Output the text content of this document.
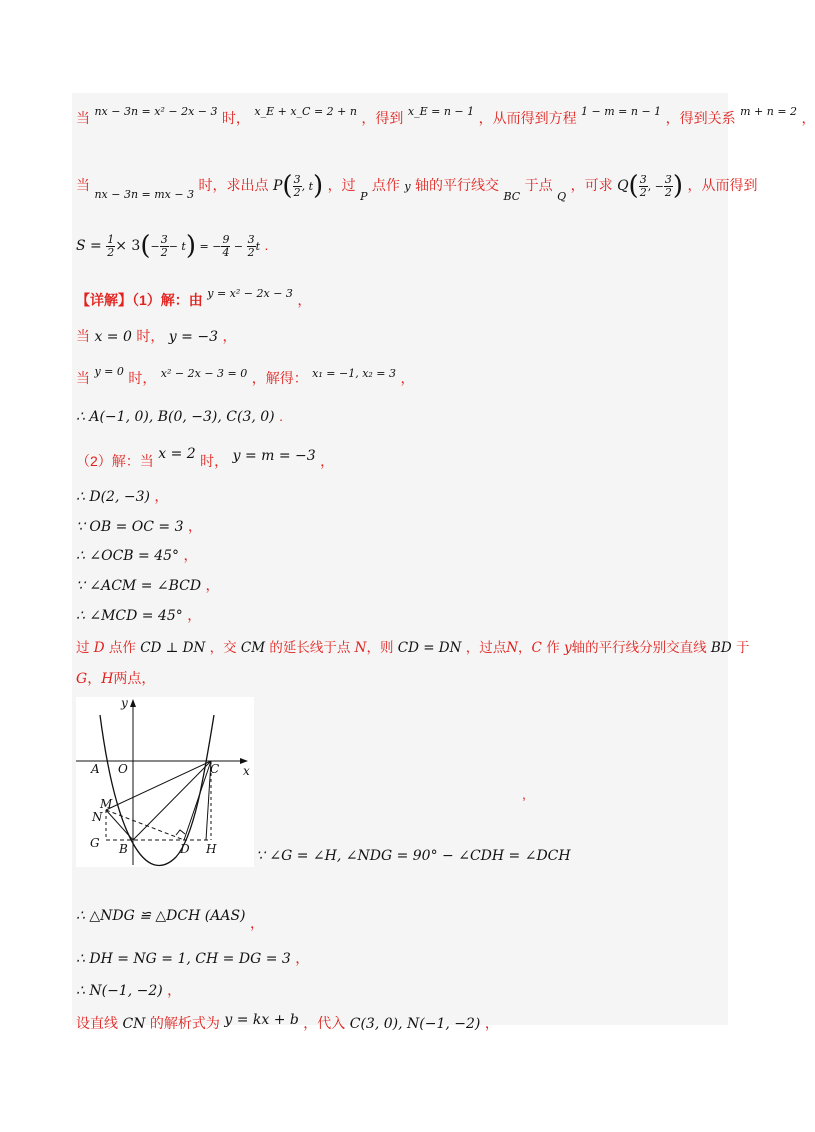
当 $^{nx - 3n = x^2 - 2x - 3}$ 时， $^{x\_E + x\_C = 2 + n}$ ，得到 $^{x\_E = n - 1}$ ，从而得到方程 $^{1 - m = n - 1}$ ，得到关系 $^{m + n = 2}$ ，
当 $_{nx - 3n = mx - 3}$ 时，求出点 $P( \frac{3}{2}$ , t) ，过 $_P$ 点作 y 轴的平行线交 $_{BC}$ 于点 $_Q$ ，可求 $Q( \frac{3}{2}$ , − $\frac{3}{2}$ ) ，从而得到
$S = \frac{1}{2} \times 3(- \frac{3}{2} - t)$ = − $\frac{9}{4} - \frac{3}{2}$ t .
【详解】（1）解：由 $^{y = x^2 - 2x - 3}$ ，
当 x = 0 时， y = −3 ，
当 $^{y = 0}$ 时， $^{x^2 - 2x - 3 = 0}$ ，解得： $^{x_1 = -1, x_2 = 3}$ ，
∴ A(−1, 0), B(0, −3), C(3, 0) .
（2）解：当 x = 2 时， y = m = −3 ，
∴ D(2, −3) ，
∵ OB = OC = 3 ，
∴ ∠OCB = 45° ，
∵ ∠ACM = ∠BCD ，
∴ ∠MCD = 45° ，
过 D 点作 CD ⊥ DN ，交 CM 的延长线于点 N，则 CD = DN ，过点N，C 作 y轴的平行线分别交直线 BD 于
G，H两点，
y
x
A O	C
M
N
G B	D H
,
∵ ∠G = ∠H, ∠NDG = 90° − ∠CDH = ∠DCH
∴ △NDG ≌ △DCH (AAS) ，
∴ DH = NG = 1, CH = DG = 3 ，
∴ N(−1, −2) ，
设直线 CN 的解析式为 y = kx + b ，代入 C(3, 0), N(−1, −2) ，
